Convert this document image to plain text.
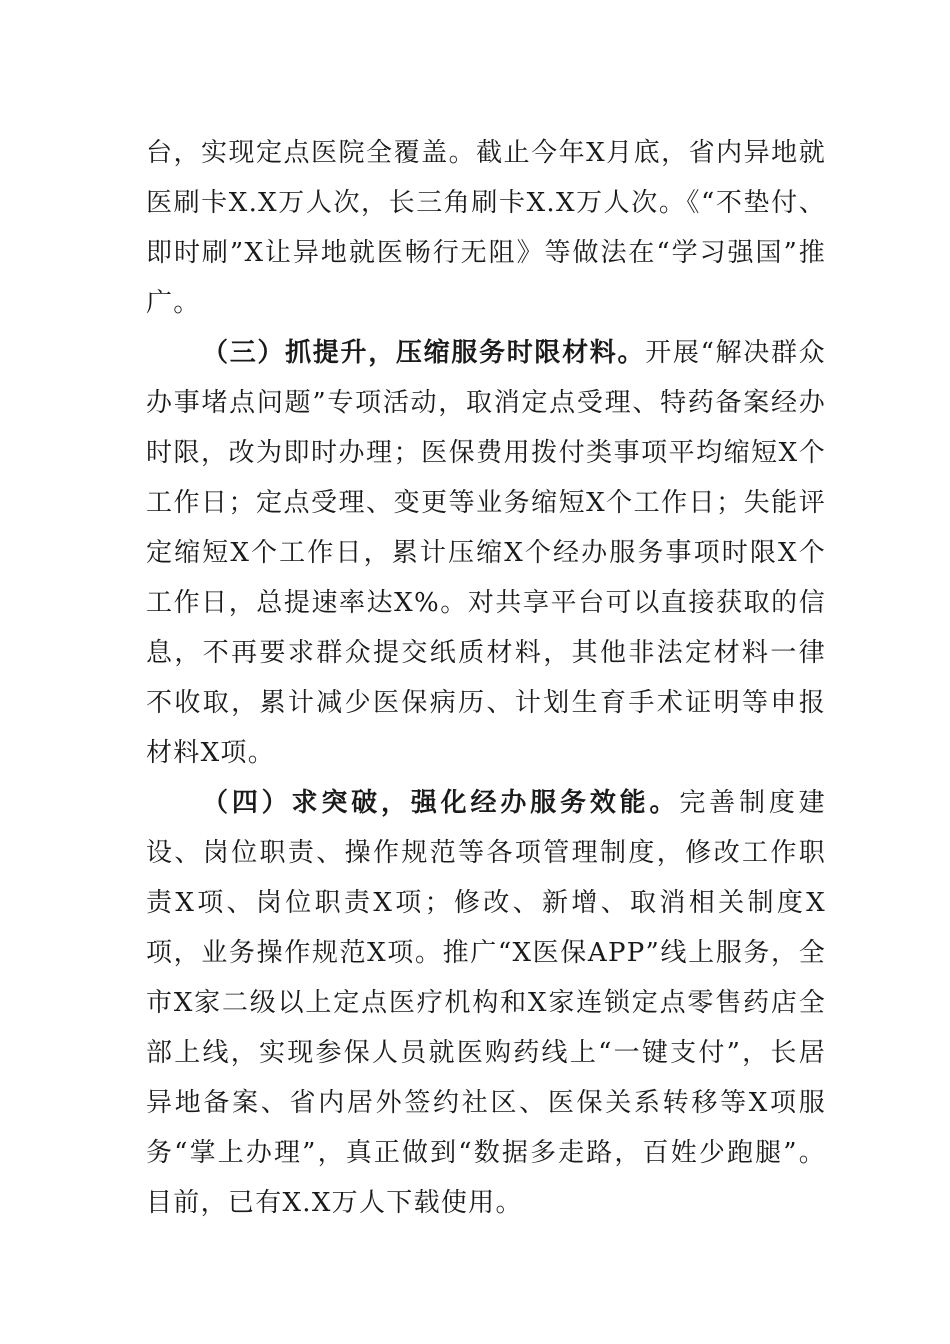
台，实现定点医院全覆盖。截止今年X月底，省内异地就医刷卡X.X万人次，长三角刷卡X.X万人次。《“不垫付、即时刷”X让异地就医畅行无阻》等做法在“学习强国”推广。

（三）抓提升，压缩服务时限材料。开展“解决群众办事堵点问题”专项活动，取消定点受理、特药备案经办时限，改为即时办理；医保费用拨付类事项平均缩短X个工作日；定点受理、变更等业务缩短X个工作日；失能评定缩短X个工作日，累计压缩X个经办服务事项时限X个工作日，总提速率达X%。对共享平台可以直接获取的信息，不再要求群众提交纸质材料，其他非法定材料一律不收取，累计减少医保病历、计划生育手术证明等申报材料X项。

（四）求突破，强化经办服务效能。完善制度建设、岗位职责、操作规范等各项管理制度，修改工作职责X项、岗位职责X项；修改、新增、取消相关制度X项，业务操作规范X项。推广“X医保APP”线上服务，全市X家二级以上定点医疗机构和X家连锁定点零售药店全部上线，实现参保人员就医购药线上“一键支付”，长居异地备案、省内居外签约社区、医保关系转移等X项服务“掌上办理”，真正做到“数据多走路，百姓少跑腿”。目前，已有X.X万人下载使用。
